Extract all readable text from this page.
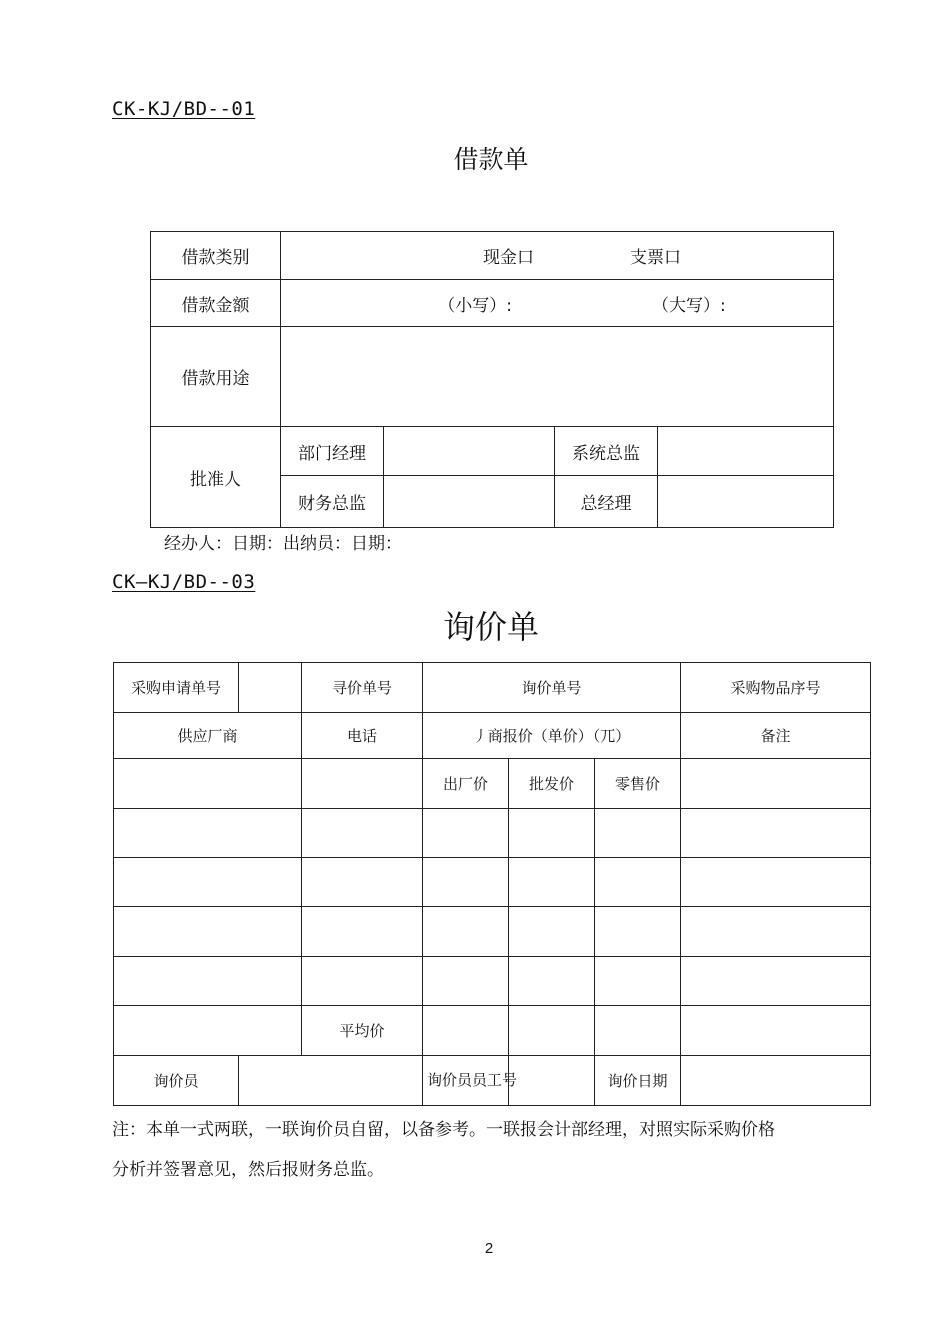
CK-KJ/BD--01
借款单
借款类别	现金口 支票口			

借款金额	（小写）: （大写）:			

借款用途				
批准人	部门经理		系统总监	
	财务总监		总经理	
经办人：日期：出纳员：日期：
CK—KJ/BD--03
询价单
采购申请单号		寻价单号	询价单号			采购物品序号
供应厂商		电话	丿商报价（单价）（兀）			备注
			出厂价	批发价	零售价	

		平均价				
询价员			询价员员工号		询价日期	
注：本单一式两联，一联询价员自留，以备参考。一联报会计部经理，对照实际采购价格
分析并签署意见，然后报财务总监。
2
